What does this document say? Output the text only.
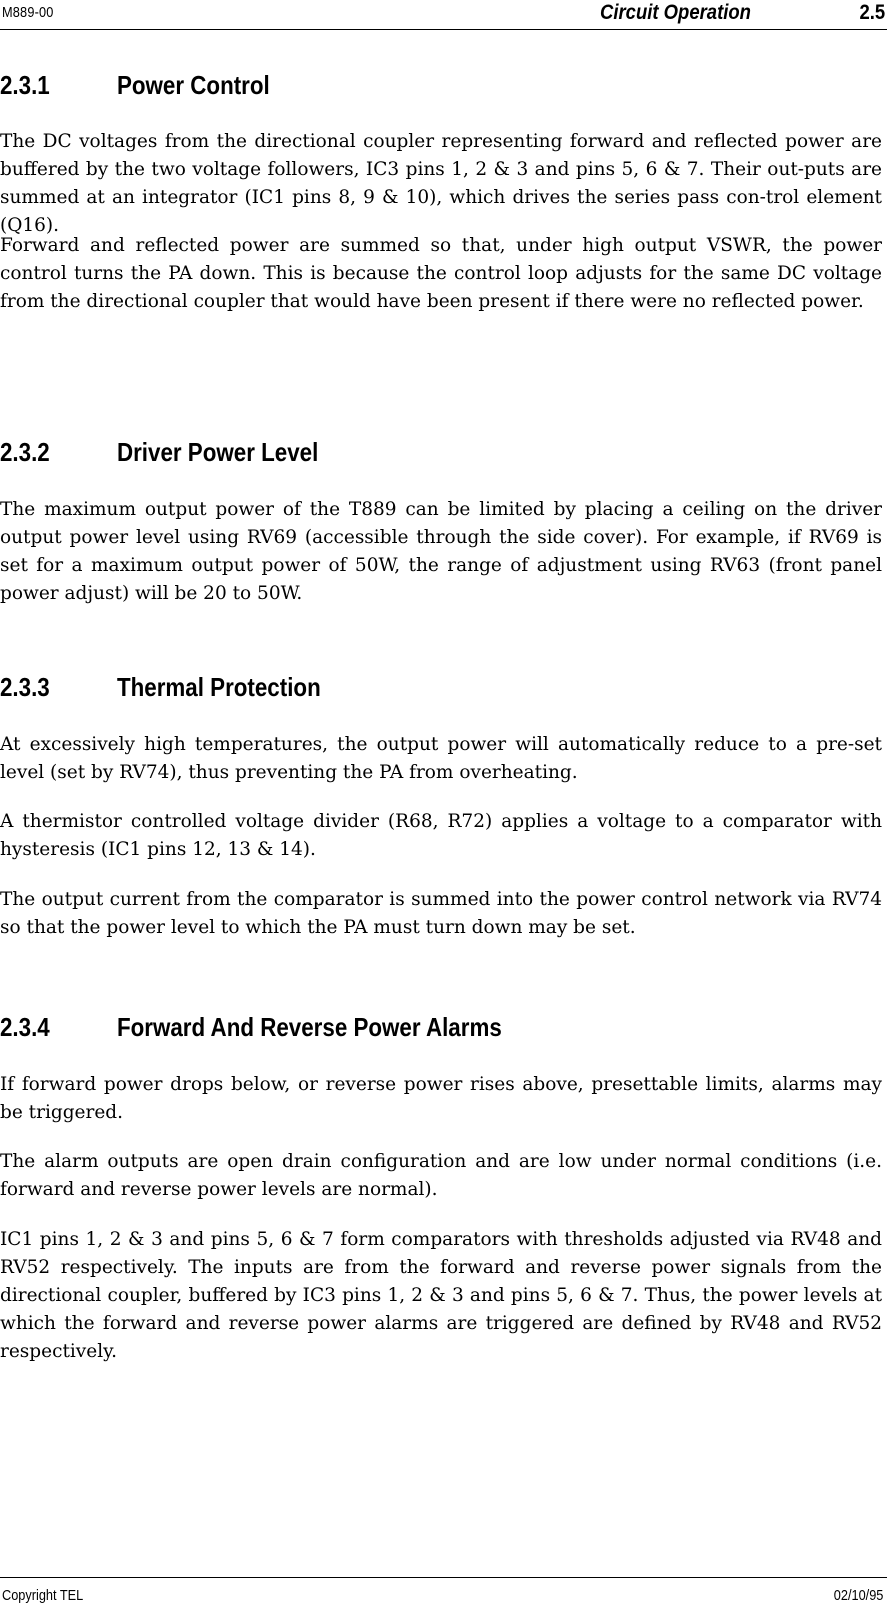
M889-00	Circuit Operation	2.5
2.3.1	Power Control

The DC voltages from the directional coupler representing forward and reflected power are buffered by the two voltage followers, IC3 pins 1, 2 & 3 and pins 5, 6 & 7. Their out-puts are summed at an integrator (IC1 pins 8, 9 & 10), which drives the series pass con-trol element (Q16).

Forward and reflected power are summed so that, under high output VSWR, the power control turns the PA down. This is because the control loop adjusts for the same DC voltage from the directional coupler that would have been present if there were no reflected power.

2.3.2	Driver Power Level

The maximum output power of the T889 can be limited by placing a ceiling on the driver output power level using RV69 (accessible through the side cover). For example, if RV69 is set for a maximum output power of 50W, the range of adjustment using RV63 (front panel power adjust) will be 20 to 50W.

2.3.3	Thermal Protection

At excessively high temperatures, the output power will automatically reduce to a pre-set level (set by RV74), thus preventing the PA from overheating.

A thermistor controlled voltage divider (R68, R72) applies a voltage to a comparator with hysteresis (IC1 pins 12, 13 & 14).

The output current from the comparator is summed into the power control network via RV74 so that the power level to which the PA must turn down may be set.

2.3.4	Forward And Reverse Power Alarms

If forward power drops below, or reverse power rises above, presettable limits, alarms may be triggered.

The alarm outputs are open drain configuration and are low under normal conditions (i.e. forward and reverse power levels are normal).

IC1 pins 1, 2 & 3 and pins 5, 6 & 7 form comparators with thresholds adjusted via RV48 and RV52 respectively. The inputs are from the forward and reverse power signals from the directional coupler, buffered by IC3 pins 1, 2 & 3 and pins 5, 6 & 7. Thus, the power levels at which the forward and reverse power alarms are triggered are defined by RV48 and RV52 respectively.

Copyright TEL	02/10/95
